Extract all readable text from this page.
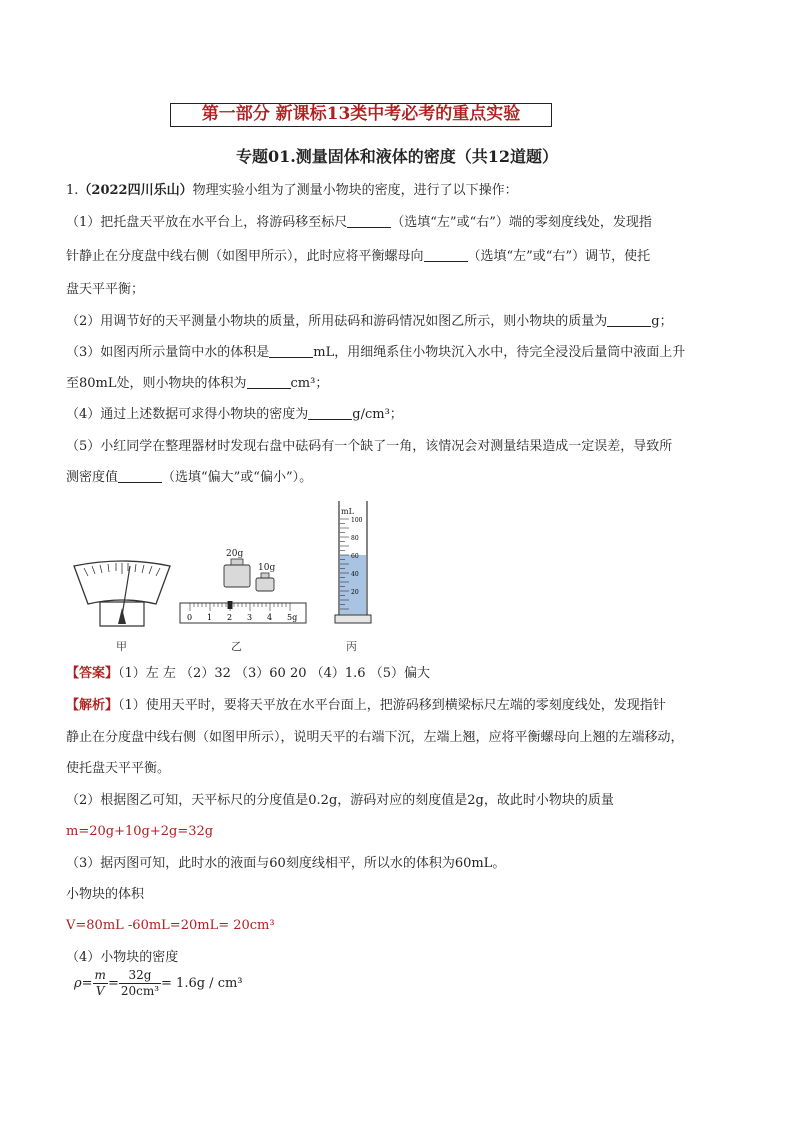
第一部分 新课标13类中考必考的重点实验
专题01.测量固体和液体的密度（共12道题）
1.（2022四川乐山）物理实验小组为了测量小物块的密度，进行了以下操作：
（1）把托盘天平放在水平台上，将游码移至标尺	（选填“左”或“右”）端的零刻度线处，发现指
针静止在分度盘中线右侧（如图甲所示），此时应将平衡螺母向	（选填“左”或“右”）调节，使托
盘天平平衡；
（2）用调节好的天平测量小物块的质量，所用砝码和游码情况如图乙所示，则小物块的质量为	g；
（3）如图丙所示量筒中水的体积是	mL，用细绳系住小物块沉入水中，待完全浸没后量筒中液面上升
至80mL处，则小物块的体积为	cm³；
（4）通过上述数据可求得小物块的密度为	g/cm³；
（5）小红同学在整理器材时发现右盘中砝码有一个缺了一角，该情况会对测量结果造成一定误差，导致所
测密度值	（选填“偏大”或“偏小”）。
甲
20g
10g
0 1 2 3 4 5g
乙
mL
100
80
60
40
20
丙
【答案】（1）左 左 （2）32 （3）60 20 （4）1.6 （5）偏大
【解析】（1）使用天平时，要将天平放在水平台面上，把游码移到横梁标尺左端的零刻度线处，发现指针
静止在分度盘中线右侧（如图甲所示），说明天平的右端下沉，左端上翘，应将平衡螺母向上翘的左端移动，
使托盘天平平衡。
（2）根据图乙可知，天平标尺的分度值是0.2g，游码对应的刻度值是2g，故此时小物块的质量
m=20g+10g+2g=32g
（3）据丙图可知，此时水的液面与60刻度线相平，所以水的体积为60mL。
小物块的体积
V=80mL -60mL=20mL= 20cm³
（4）小物块的密度
$\rho= \frac{m}{V} = \frac{32g}{\text{20cm³}} = 1.6g / cm^3$
